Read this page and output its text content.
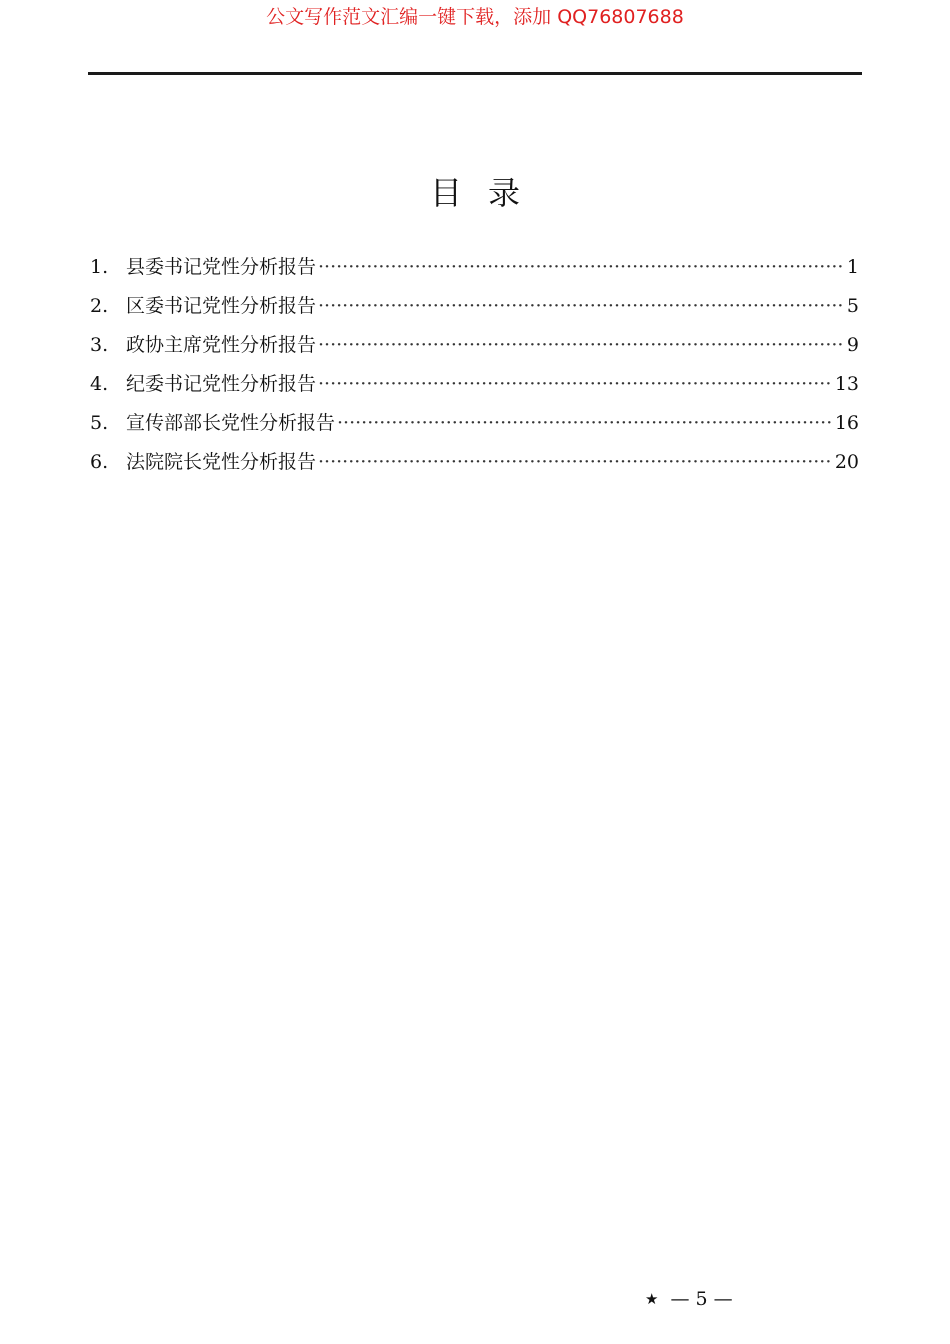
公文写作范文汇编一键下载，添加 QQ76807688
目录
1. 县委书记党性分析报告 ·····	1
2. 区委书记党性分析报告 ·····	5
3. 政协主席党性分析报告 ·····	9
4. 纪委书记党性分析报告 ·····	13
5. 宣传部部长党性分析报告 ·····	16
6. 法院院长党性分析报告 ·····	20
★ — 5 —
